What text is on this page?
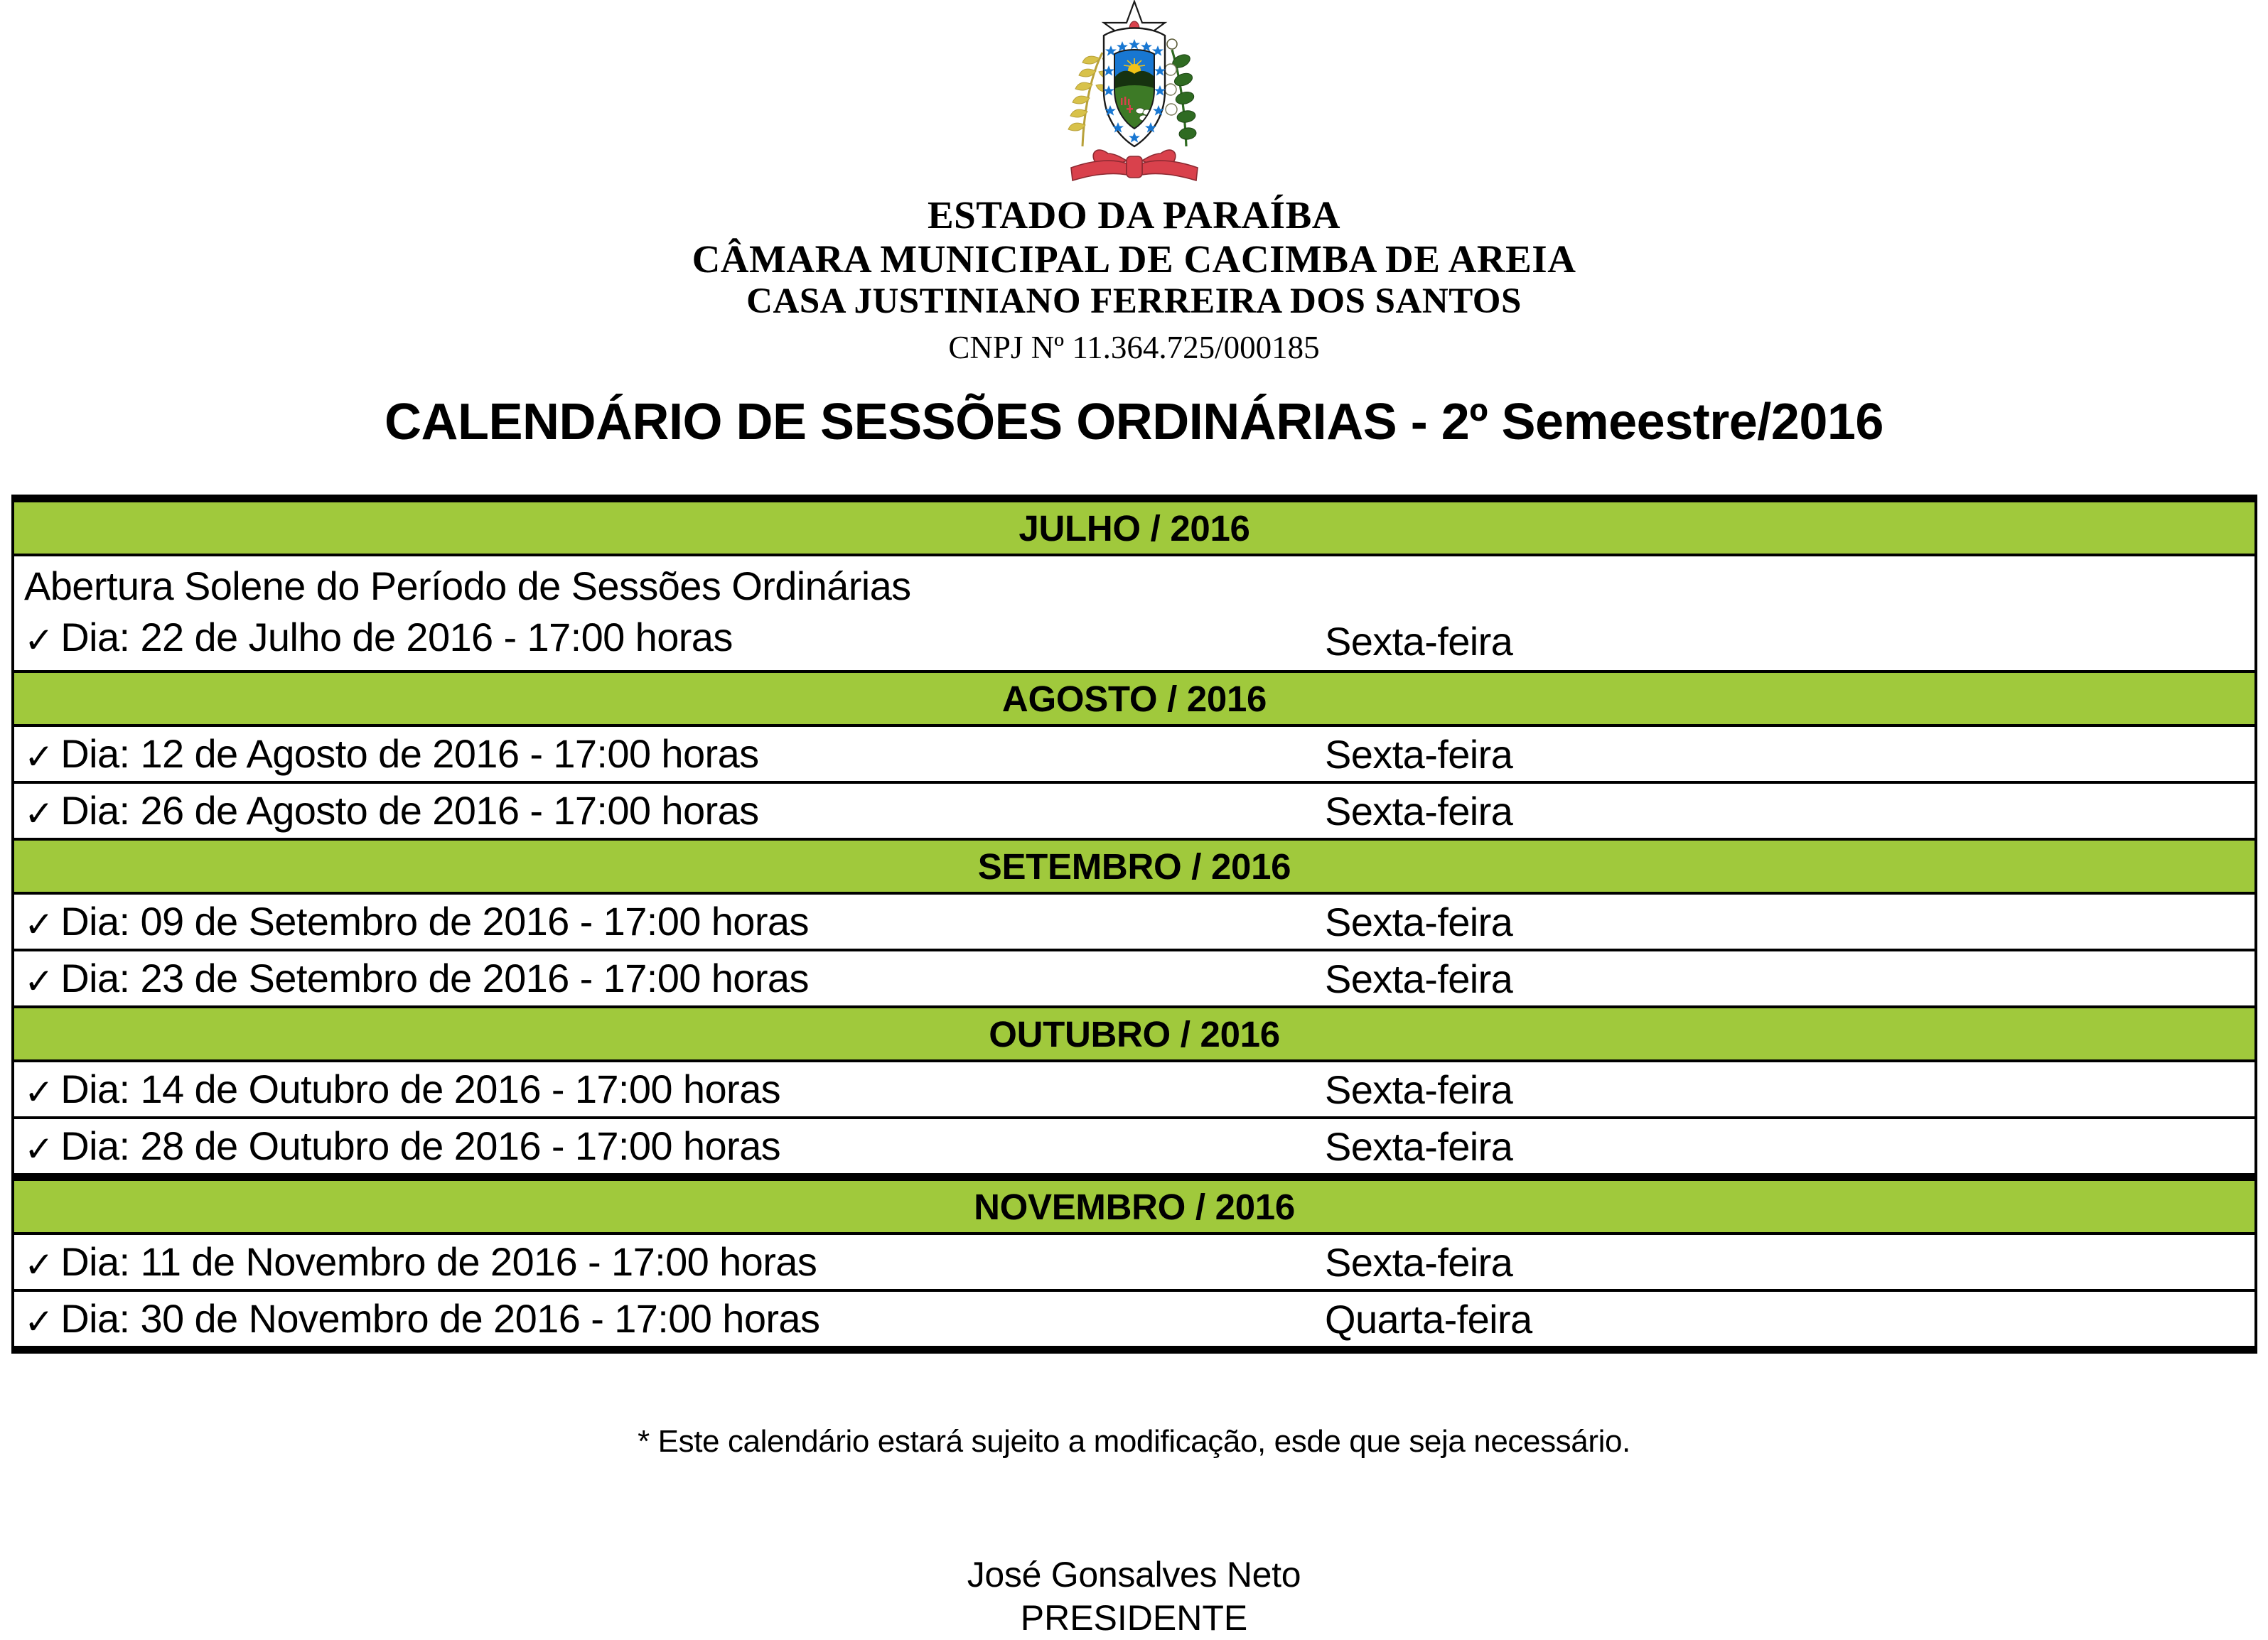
ESTADO DA PARAÍBA
CÂMARA MUNICIPAL DE CACIMBA DE AREIA
CASA JUSTINIANO FERREIRA DOS SANTOS
CNPJ Nº 11.364.725/000185
CALENDÁRIO DE SESSÕES ORDINÁRIAS - 2º Semeestre/2016
JULHO / 2016	

Abertura Solene do Período de Sessões Ordinárias
✓ Dia: 22 de Julho de 2016 - 17:00 horas	Sexta-feira
AGOSTO / 2016	
✓ Dia: 12 de Agosto de 2016 - 17:00 horas	Sexta-feira
✓ Dia: 26 de Agosto de 2016 - 17:00 horas	Sexta-feira
SETEMBRO / 2016	
✓ Dia: 09 de Setembro de 2016 - 17:00 horas	Sexta-feira
✓ Dia: 23 de Setembro de 2016 - 17:00 horas	Sexta-feira
OUTUBRO / 2016	
✓ Dia: 14 de Outubro de 2016 - 17:00 horas	Sexta-feira
✓ Dia: 28 de Outubro de 2016 - 17:00 horas	Sexta-feira
NOVEMBRO / 2016	
✓ Dia: 11 de Novembro de 2016 - 17:00 horas	Sexta-feira
✓ Dia: 30 de Novembro de 2016 - 17:00 horas	Quarta-feira
* Este calendário estará sujeito a modificação, esde que seja necessário.
José Gonsalves Neto
PRESIDENTE
